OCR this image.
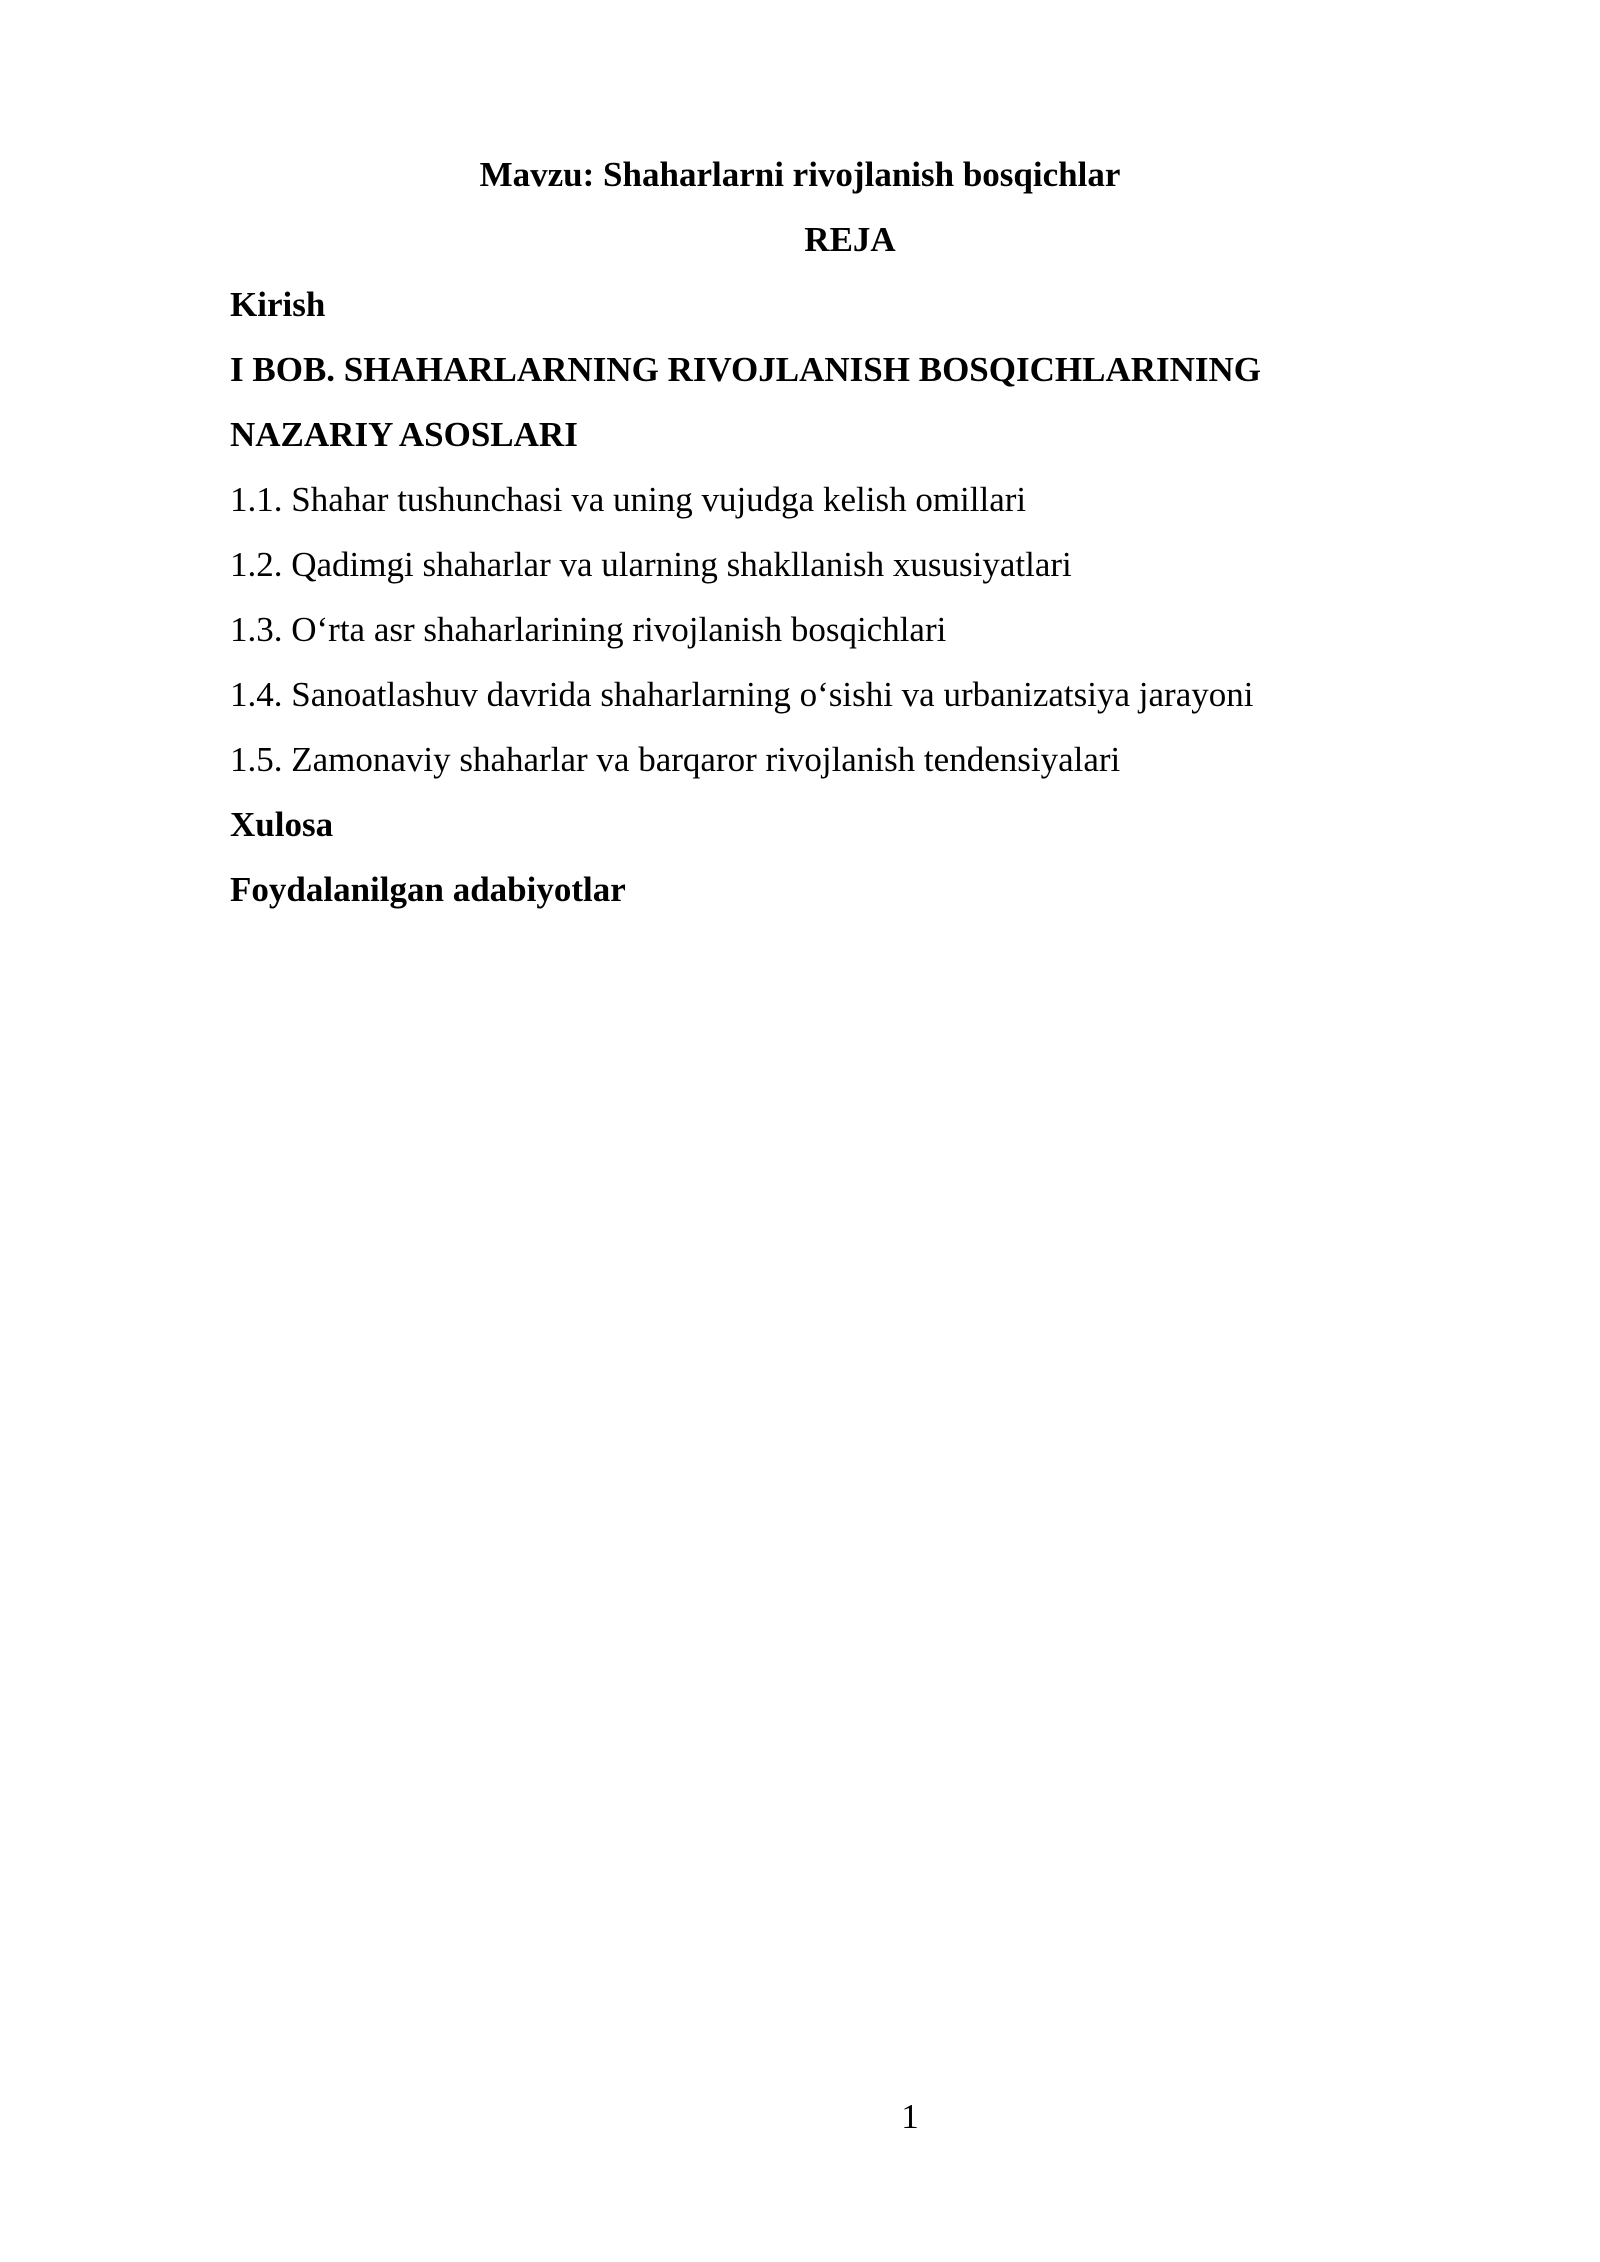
Mavzu: Shaharlarni rivojlanish bosqichlar
REJA
Kirish
I BOB. SHAHARLARNING RIVOJLANISH BOSQICHLARINING
NAZARIY ASOSLARI
1.1. Shahar tushunchasi va uning vujudga kelish omillari
1.2. Qadimgi shaharlar va ularning shakllanish xususiyatlari
1.3. O‘rta asr shaharlarining rivojlanish bosqichlari
1.4. Sanoatlashuv davrida shaharlarning o‘sishi va urbanizatsiya jarayoni
1.5. Zamonaviy shaharlar va barqaror rivojlanish tendensiyalari
Xulosa
Foydalanilgan adabiyotlar
1
